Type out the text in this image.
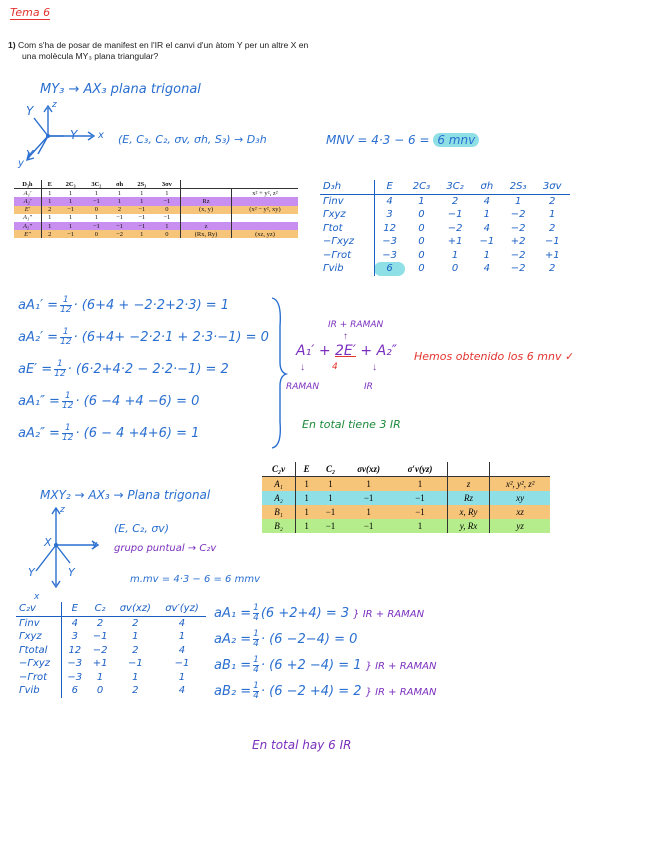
Tema 6
1) Com s'ha de posar de manifest en l'IR el canvi d'un àtom Y per un altre X en
una molècula MY₃ plana triangular?
MY₃ → AX₃ plana trigonal
z
x
y
Y
Y
Y
(E, C₃, C₂, σv, σh, S₃) → D₃h	MNV = 4·3 − 6 = 6 mnv
D₃h	E	2C₃	3C₂	σh	2S₃	3σv		
A₁′	1	1	1	1	1	1		x² + y², z²
A₂′	1	1	−1	1	1	−1	Rz	
E′	2	−1	0	2	−1	0	(x, y)	(x² − y², xy)
A₁″	1	1	1	−1	−1	−1		
A₂″	1	1	−1	−1	−1	1	z	
E″	2	−1	0	−2	1	0	(Rx, Ry)	(xz, yz)
D₃h	E	2C₃	3C₂	σh	2S₃	3σv
Γinv	4	1	2	4	1	2
Γxyz	3	0	−1	1	−2	1
Γtot	12	0	−2	4	−2	2
−Γxyz	−3	0	+1	−1	+2	−1
−Γrot	−3	0	1	1	−2	+1
Γvib	6	0	0	4	−2	2
$aA_1' = \frac{1}{12} \cdot (6+4 + -2\cdot 2+2\cdot 3) = 1$
$aA_2' = \frac{1}{12} \cdot (6+4+ -2\cdot 2\cdot 1 + 2\cdot 3\cdot-1) = 0$
$aE' = \frac{1}{12} \cdot (6\cdot 2+4\cdot 2 - 2\cdot 2\cdot-1) = 2$
$aA_1'' = \frac{1}{12} \cdot (6 -4 +4 -6) = 0$
$aA_2'' = \frac{1}{12} \cdot (6 - 4 +4+6) = 1$
IR + RAMAN
↑
A₁′ + 2E′ + A₂″
4
↓	↓
RAMAN	IR
Hemos obtenido los 6 mnv ✓
En total tiene 3 IR
C₂v	E	C₂	σv(xz)	σ′v(yz)		
A₁	1	1	1	1	z	x², y², z²
A₂	1	1	−1	−1	Rz	xy
B₁	1	−1	1	−1	x, Ry	xz
B₂	1	−1	−1	1	y, Rx	yz
MXY₂ → AX₃ → Plana trigonal
z
x
y
X
Y	Y
(E, C₂, σv)
grupo puntual → C₂v
m.mv = 4·3 − 6 = 6 mmv
C₂v	E	C₂	σv(xz)	σv′(yz)
Γinv	4	2	2	4
Γxyz	3	−1	1	1
Γtotal	12	−2	2	4
−Γxyz	−3	+1	−1	−1
−Γrot	−3	1	1	1
Γvib	6	0	2	4
$aA_1 = \frac{1}{4} (6 +2+4) = 3$ } IR + RAMAN
$aA_2 = \frac{1}{4} \cdot (6 -2-4) = 0$
$aB_1 = \frac{1}{4} \cdot (6 +2 -4) = 1$ } IR + RAMAN
$aB_2 = \frac{1}{4} \cdot (6 -2 +4) = 2$ } IR + RAMAN
En total hay 6 IR
